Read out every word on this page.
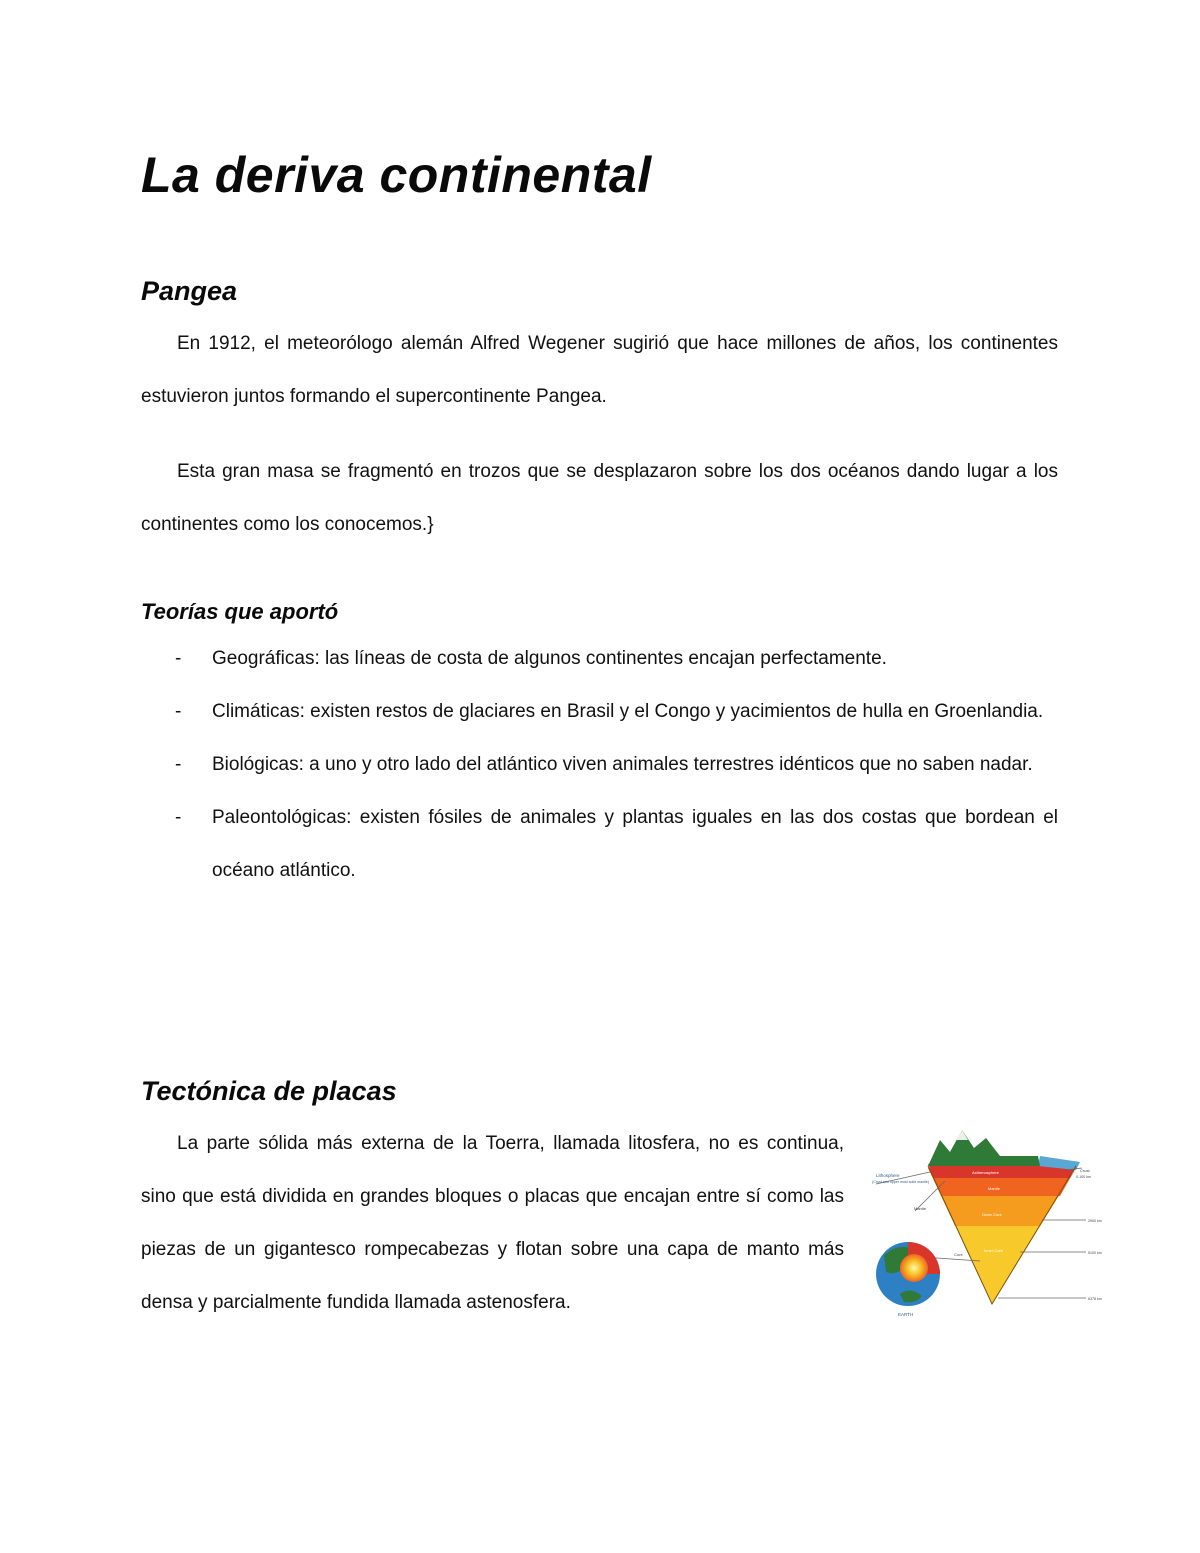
La deriva continental
Pangea

En 1912, el meteorólogo alemán Alfred Wegener sugirió que hace millones de años, los continentes estuvieron juntos formando el supercontinente Pangea.

Esta gran masa se fragmentó en trozos que se desplazaron sobre los dos océanos dando lugar a los continentes como los conocemos.}

Teorías que aportó
- Geográficas: las líneas de costa de algunos continentes encajan perfectamente.
- Climáticas: existen restos de glaciares en Brasil y el Congo y yacimientos de hulla en Groenlandia.
- Biológicas: a uno y otro lado del atlántico viven animales terrestres idénticos que no saben nadar.
- Paleontológicas: existen fósiles de animales y plantas iguales en las dos costas que bordean el océano atlántico.
Tectónica de placas

La parte sólida más externa de la Toerra, llamada litosfera, no es continua, sino que está dividida en grandes bloques o placas que encajan entre sí como las piezas de un gigantesco rompecabezas y flotan sobre una capa de manto más densa y parcialmente fundida llamada astenosfera.

Lithosphere
(Crust and upper most solid mantle)
Mantle
Core
Crust
0-100 km
Asthenosphere
Mantle
Outer Core
Inner Core
2900 km
5100 km
6378 km
EARTH
